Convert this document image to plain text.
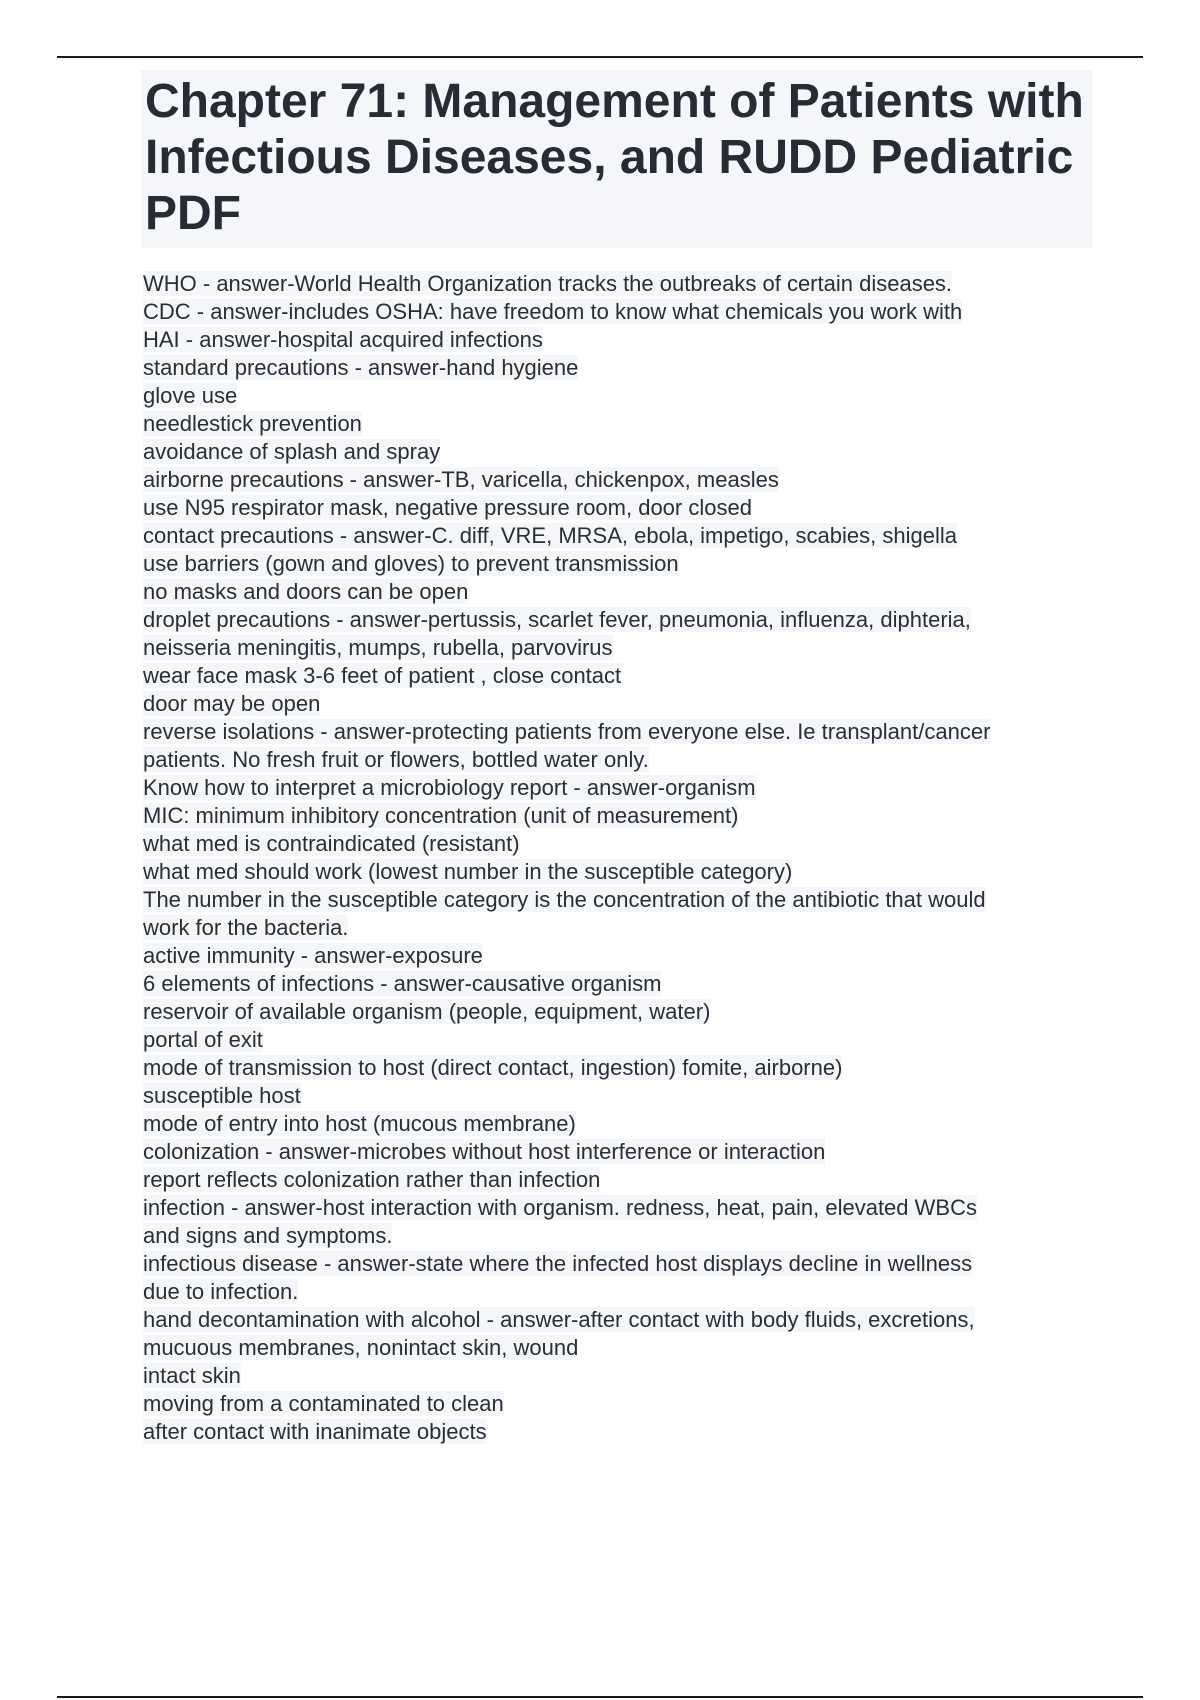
Chapter 71: Management of Patients with Infectious Diseases, and RUDD Pediatric PDF
WHO - answer-World Health Organization tracks the outbreaks of certain diseases.
CDC - answer-includes OSHA: have freedom to know what chemicals you work with
HAI - answer-hospital acquired infections
standard precautions - answer-hand hygiene
glove use
needlestick prevention
avoidance of splash and spray
airborne precautions - answer-TB, varicella, chickenpox, measles
use N95 respirator mask, negative pressure room, door closed
contact precautions - answer-C. diff, VRE, MRSA, ebola, impetigo, scabies, shigella
use barriers (gown and gloves) to prevent transmission
no masks and doors can be open
droplet precautions - answer-pertussis, scarlet fever, pneumonia, influenza, diphteria,
neisseria meningitis, mumps, rubella, parvovirus
wear face mask 3-6 feet of patient , close contact
door may be open
reverse isolations - answer-protecting patients from everyone else. Ie transplant/cancer
patients. No fresh fruit or flowers, bottled water only.
Know how to interpret a microbiology report - answer-organism
MIC: minimum inhibitory concentration (unit of measurement)
what med is contraindicated (resistant)
what med should work (lowest number in the susceptible category)
The number in the susceptible category is the concentration of the antibiotic that would
work for the bacteria.
active immunity - answer-exposure
6 elements of infections - answer-causative organism
reservoir of available organism (people, equipment, water)
portal of exit
mode of transmission to host (direct contact, ingestion) fomite, airborne)
susceptible host
mode of entry into host (mucous membrane)
colonization - answer-microbes without host interference or interaction
report reflects colonization rather than infection
infection - answer-host interaction with organism. redness, heat, pain, elevated WBCs
and signs and symptoms.
infectious disease - answer-state where the infected host displays decline in wellness
due to infection.
hand decontamination with alcohol - answer-after contact with body fluids, excretions,
mucuous membranes, nonintact skin, wound
intact skin
moving from a contaminated to clean
after contact with inanimate objects
